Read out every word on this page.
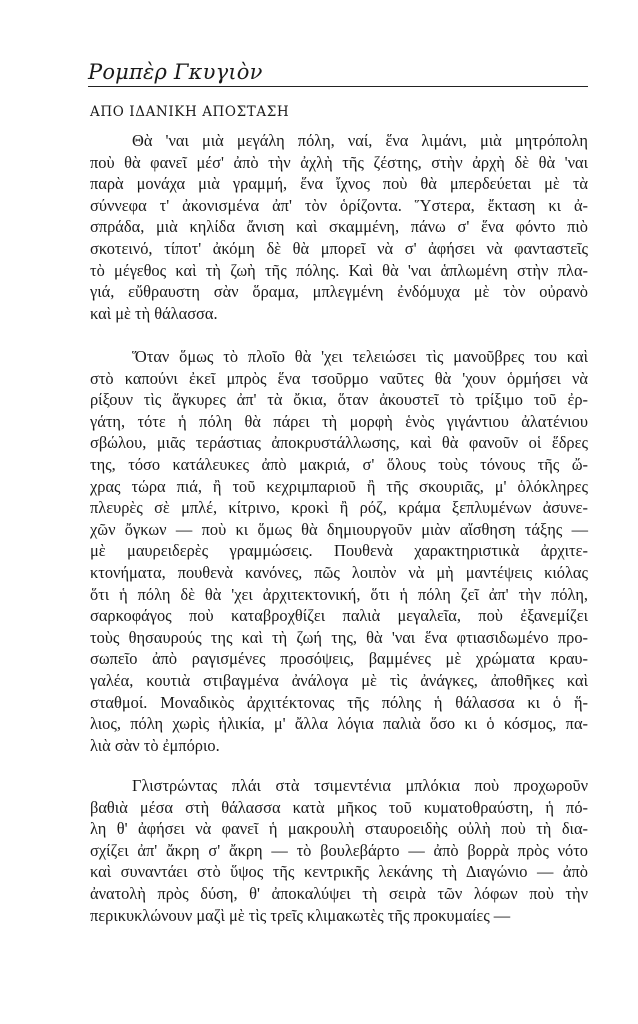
Ρομπὲρ Γκυγιὸν
ΑΠΟ ΙΔΑΝΙΚΗ ΑΠΟΣΤΑΣΗ
Θὰ 'ναι μιὰ μεγάλη πόλη, ναί, ἕνα λιμάνι, μιὰ μητρόπολη
ποὺ θὰ φανεῖ μέσ' ἀπὸ τὴν ἀχλὴ τῆς ζέστης, στὴν ἀρχὴ δὲ θὰ 'ναι
παρὰ μονάχα μιὰ γραμμή, ἕνα ἴχνος ποὺ θὰ μπερδεύεται μὲ τὰ
σύννεφα τ' ἀκονισμένα ἀπ' τὸν ὁρίζοντα. Ὕστερα, ἔκταση κι ἀ-
σπράδα, μιὰ κηλίδα ἄνιση καὶ σκαμμένη, πάνω σ' ἕνα φόντο πιὸ
σκοτεινό, τίποτ' ἀκόμη δὲ θὰ μπορεῖ νὰ σ' ἀφήσει νὰ φανταστεῖς
τὸ μέγεθος καὶ τὴ ζωὴ τῆς πόλης. Καὶ θὰ 'ναι ἁπλωμένη στὴν πλα-
γιά, εὔθραυστη σὰν ὅραμα, μπλεγμένη ἐνδόμυχα μὲ τὸν οὐρανὸ
καὶ μὲ τὴ θάλασσα.
Ὅταν ὅμως τὸ πλοῖο θὰ 'χει τελειώσει τὶς μανοῦβρες του καὶ
στὸ καπούνι ἐκεῖ μπρὸς ἕνα τσοῦρμο ναῦτες θὰ 'χουν ὁρμήσει νὰ
ρίξουν τὶς ἄγκυρες ἀπ' τὰ ὄκια, ὅταν ἀκουστεῖ τὸ τρίξιμο τοῦ ἐρ-
γάτη, τότε ἡ πόλη θὰ πάρει τὴ μορφὴ ἑνὸς γιγάντιου ἀλατένιου
σβώλου, μιᾶς τεράστιας ἀποκρυστάλλωσης, καὶ θὰ φανοῦν οἱ ἕδρες
της, τόσο κατάλευκες ἀπὸ μακριά, σ' ὅλους τοὺς τόνους τῆς ὤ-
χρας τώρα πιά, ἢ τοῦ κεχριμπαριοῦ ἢ τῆς σκουριᾶς, μ' ὁλόκληρες
πλευρὲς σὲ μπλέ, κίτρινο, κροκὶ ἢ ρόζ, κράμα ξεπλυμένων ἀσυνε-
χῶν ὄγκων — ποὺ κι ὅμως θὰ δημιουργοῦν μιὰν αἴσθηση τάξης —
μὲ μαυρειδερὲς γραμμώσεις. Πουθενὰ χαρακτηριστικὰ ἀρχιτε-
κτονήματα, πουθενὰ κανόνες, πῶς λοιπὸν νὰ μὴ μαντέψεις κιόλας
ὅτι ἡ πόλη δὲ θὰ 'χει ἀρχιτεκτονική, ὅτι ἡ πόλη ζεῖ ἀπ' τὴν πόλη,
σαρκοφάγος ποὺ καταβροχθίζει παλιὰ μεγαλεῖα, ποὺ ἐξανεμίζει
τοὺς θησαυρούς της καὶ τὴ ζωή της, θὰ 'ναι ἕνα φτιασιδωμένο προ-
σωπεῖο ἀπὸ ραγισμένες προσόψεις, βαμμένες μὲ χρώματα κραυ-
γαλέα, κουτιὰ στιβαγμένα ἀνάλογα μὲ τὶς ἀνάγκες, ἀποθῆκες καὶ
σταθμοί. Μοναδικὸς ἀρχιτέκτονας τῆς πόλης ἡ θάλασσα κι ὁ ἥ-
λιος, πόλη χωρὶς ἡλικία, μ' ἄλλα λόγια παλιὰ ὅσο κι ὁ κόσμος, πα-
λιὰ σὰν τὸ ἐμπόριο.
Γλιστρώντας πλάι στὰ τσιμεντένια μπλόκια ποὺ προχωροῦν
βαθιὰ μέσα στὴ θάλασσα κατὰ μῆκος τοῦ κυματοθραύστη, ἡ πό-
λη θ' ἀφήσει νὰ φανεῖ ἡ μακρουλὴ σταυροειδὴς οὐλὴ ποὺ τὴ δια-
σχίζει ἀπ' ἄκρη σ' ἄκρη — τὸ βουλεβάρτο — ἀπὸ βορρὰ πρὸς νότο
καὶ συναντάει στὸ ὕψος τῆς κεντρικῆς λεκάνης τὴ Διαγώνιο — ἀπὸ
ἀνατολὴ πρὸς δύση, θ' ἀποκαλύψει τὴ σειρὰ τῶν λόφων ποὺ τὴν
περικυκλώνουν μαζὶ μὲ τὶς τρεῖς κλιμακωτὲς τῆς προκυμαίες —
